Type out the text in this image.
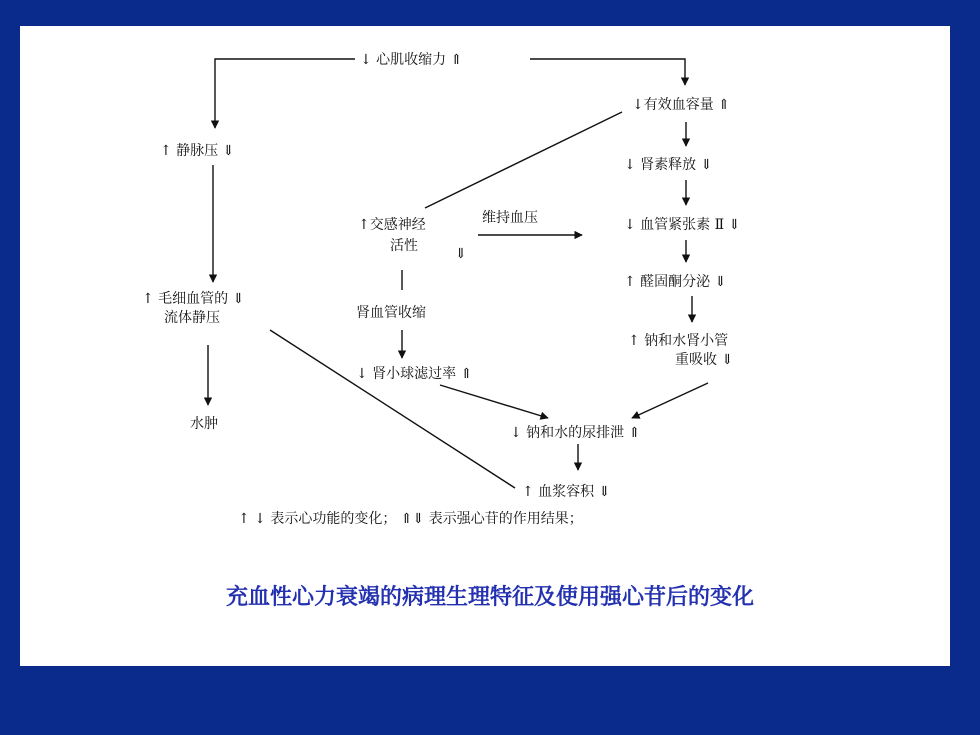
↓ 心肌收缩力 ⇑
↓有效血容量 ⇑
↑ 静脉压 ⇓
↓ 肾素释放 ⇓
↑交感神经
活性	⇓
维持血压	↓ 血管紧张素 Ⅱ ⇓
↑ 毛细血管的 ⇓
流体静压	肾血管收缩
↑ 醛固酮分泌 ⇓
↑ 钠和水肾小管
重吸收 ⇓
↓ 肾小球滤过率 ⇑
水肿
↓ 钠和水的尿排泄 ⇑
↑ 血浆容积 ⇓
↑ ↓ 表示心功能的变化； ⇑⇓ 表示强心苷的作用结果；
充血性心力衰竭的病理生理特征及使用强心苷后的变化
